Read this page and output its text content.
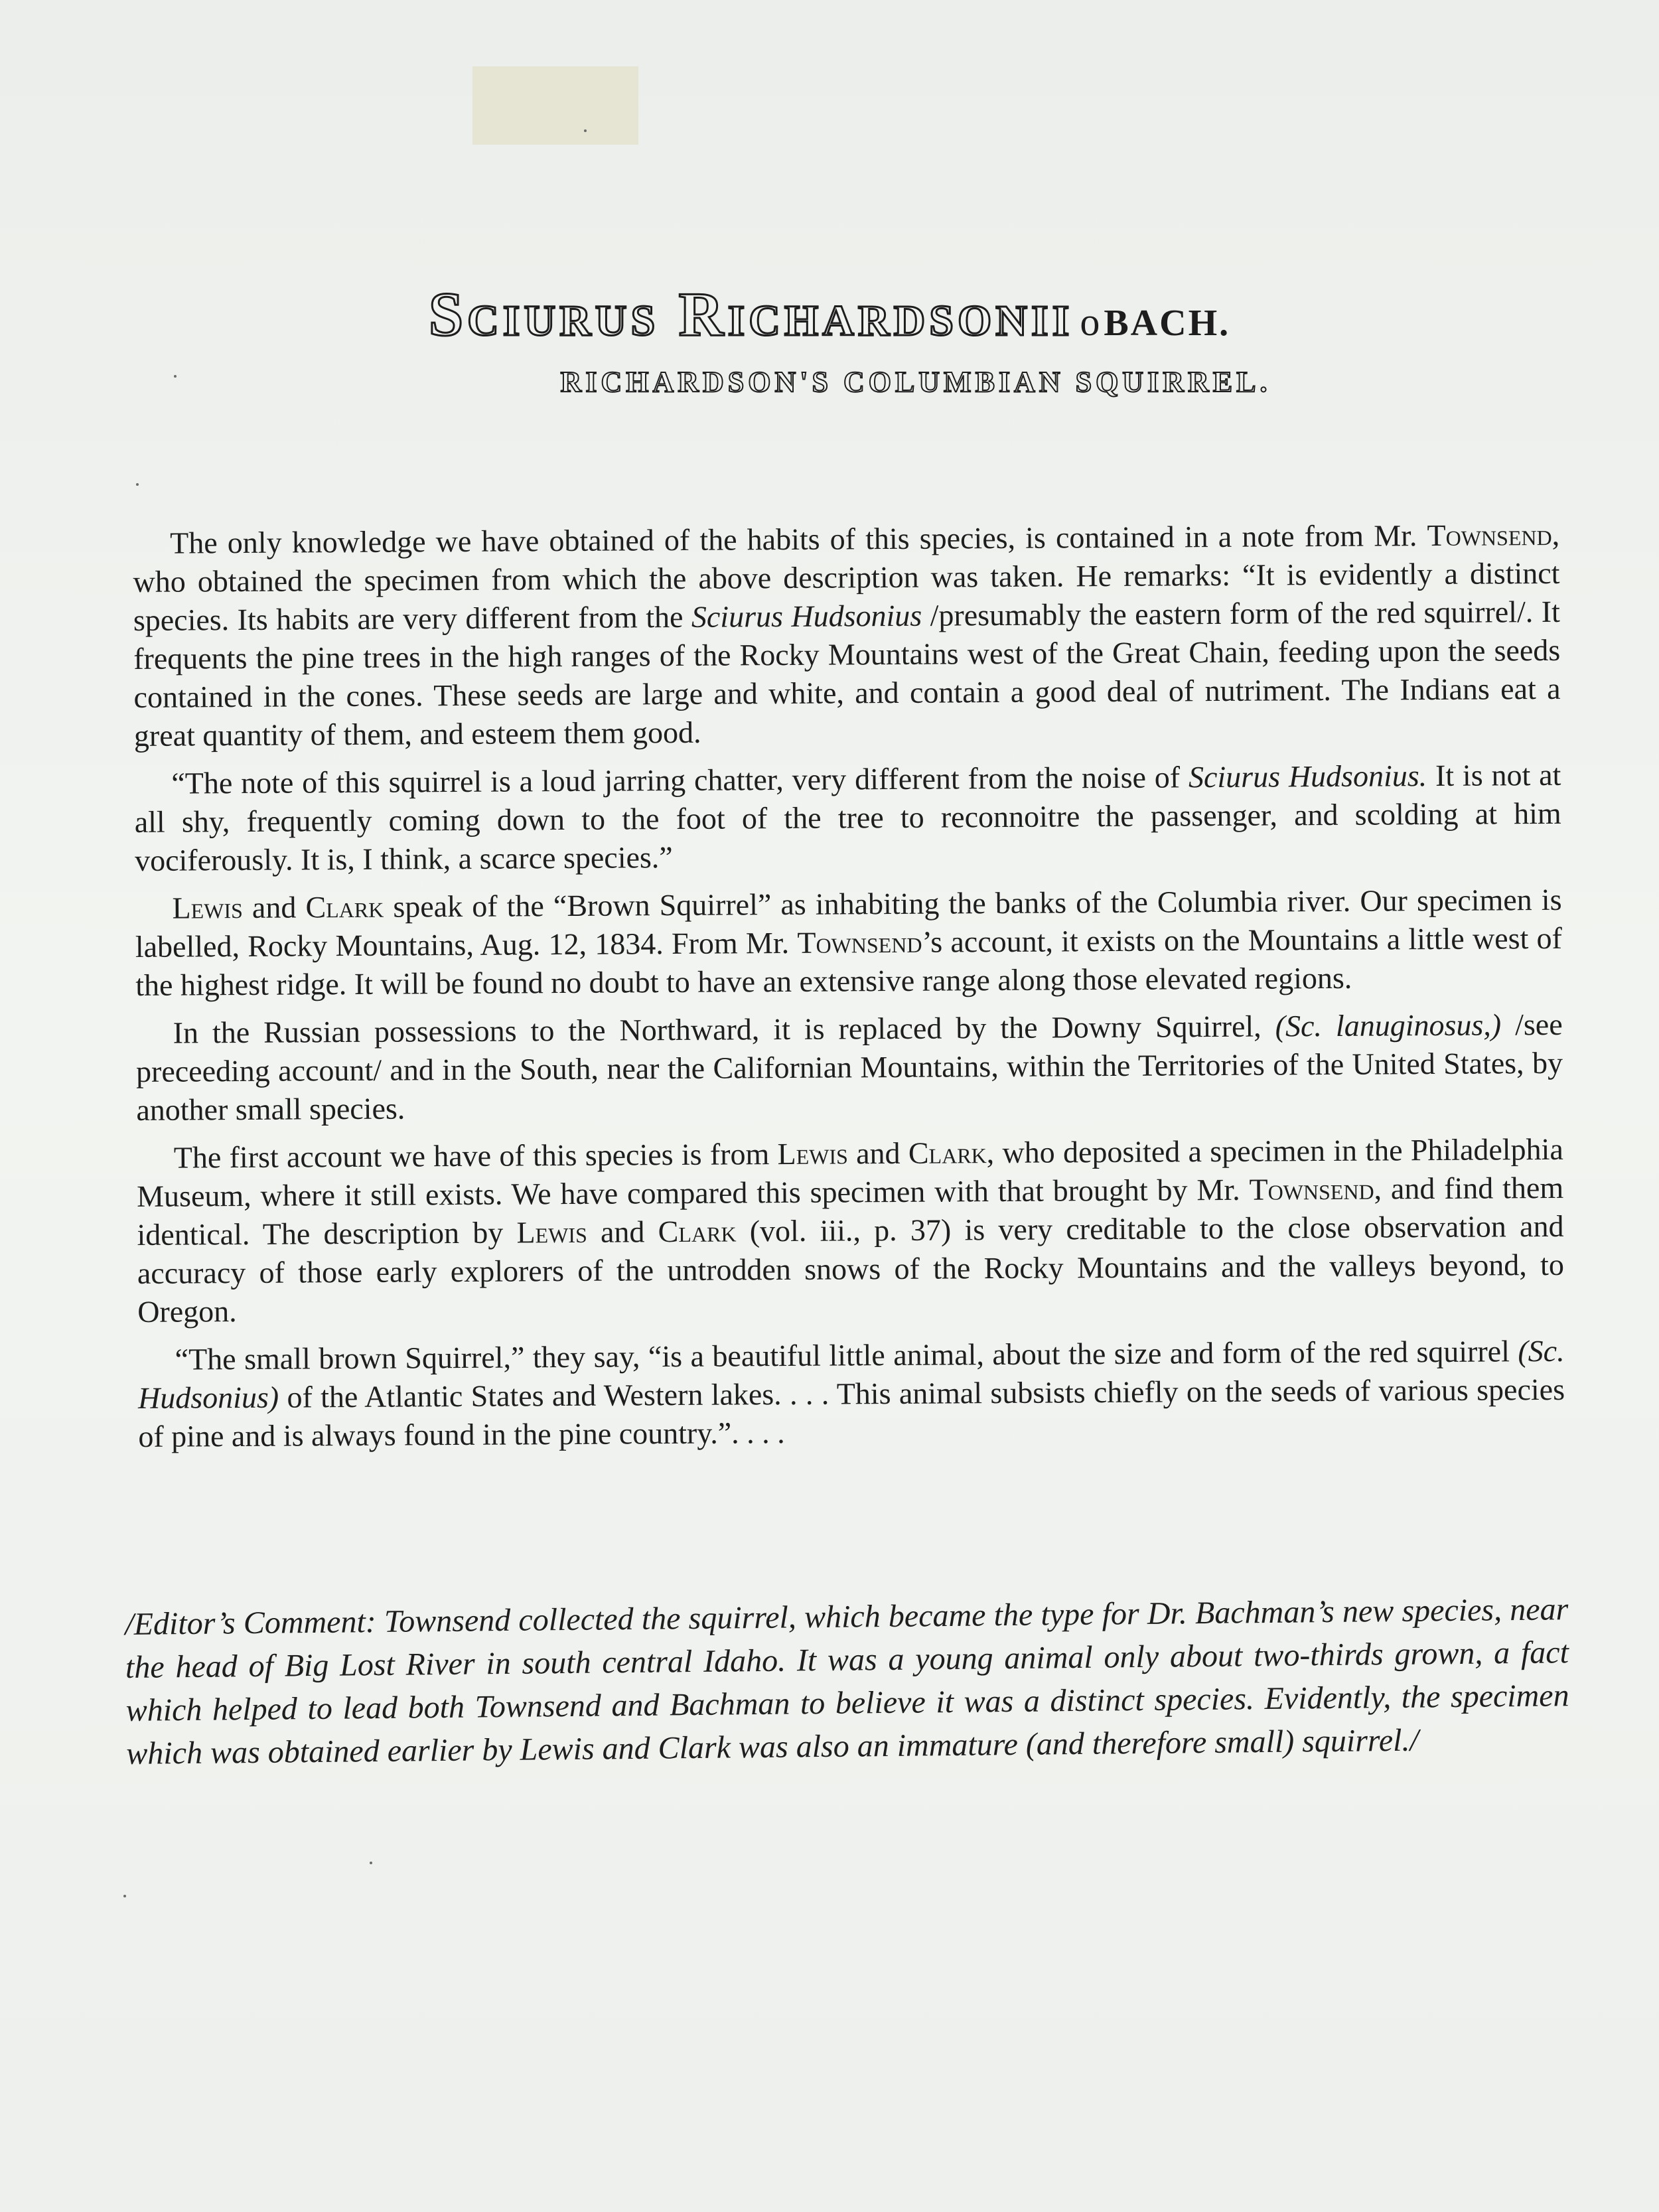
Sciurus Richardsonii o BACH.
RICHARDSON'S COLUMBIAN SQUIRREL.

The only knowledge we have obtained of the habits of this species, is contained in a note from Mr. Townsend, who obtained the specimen from which the above description was taken. He remarks: “It is evidently a distinct species. Its habits are very different from the Sciurus Hudsonius /presumably the eastern form of the red squirrel/. It frequents the pine trees in the high ranges of the Rocky Mountains west of the Great Chain, feeding upon the seeds contained in the cones. These seeds are large and white, and contain a good deal of nutriment. The Indians eat a great quantity of them, and esteem them good.

“The note of this squirrel is a loud jarring chatter, very different from the noise of Sciurus Hudsonius. It is not at all shy, frequently coming down to the foot of the tree to reconnoitre the passenger, and scolding at him vociferously. It is, I think, a scarce species.”

Lewis and Clark speak of the “Brown Squirrel” as inhabiting the banks of the Columbia river. Our specimen is labelled, Rocky Mountains, Aug. 12, 1834. From Mr. Townsend’s account, it exists on the Mountains a little west of the highest ridge. It will be found no doubt to have an extensive range along those elevated regions.

In the Russian possessions to the Northward, it is replaced by the Downy Squirrel, (Sc. lanuginosus,) /see preceeding account/ and in the South, near the Californian Mountains, within the Territories of the United States, by another small species.

The first account we have of this species is from Lewis and Clark, who deposited a specimen in the Philadelphia Museum, where it still exists. We have compared this specimen with that brought by Mr. Townsend, and find them identical. The description by Lewis and Clark (vol. iii., p. 37) is very creditable to the close observation and accuracy of those early explorers of the untrodden snows of the Rocky Mountains and the valleys beyond, to Oregon.

“The small brown Squirrel,” they say, “is a beautiful little animal, about the size and form of the red squirrel (Sc. Hudsonius) of the Atlantic States and Western lakes. . . . This animal subsists chiefly on the seeds of various species of pine and is always found in the pine country.”. . . .

/Editor’s Comment: Townsend collected the squirrel, which became the type for Dr. Bachman’s new species, near the head of Big Lost River in south central Idaho. It was a young animal only about two-thirds grown, a fact which helped to lead both Townsend and Bachman to believe it was a distinct species. Evidently, the specimen which was obtained earlier by Lewis and Clark was also an immature (and therefore small) squirrel./
